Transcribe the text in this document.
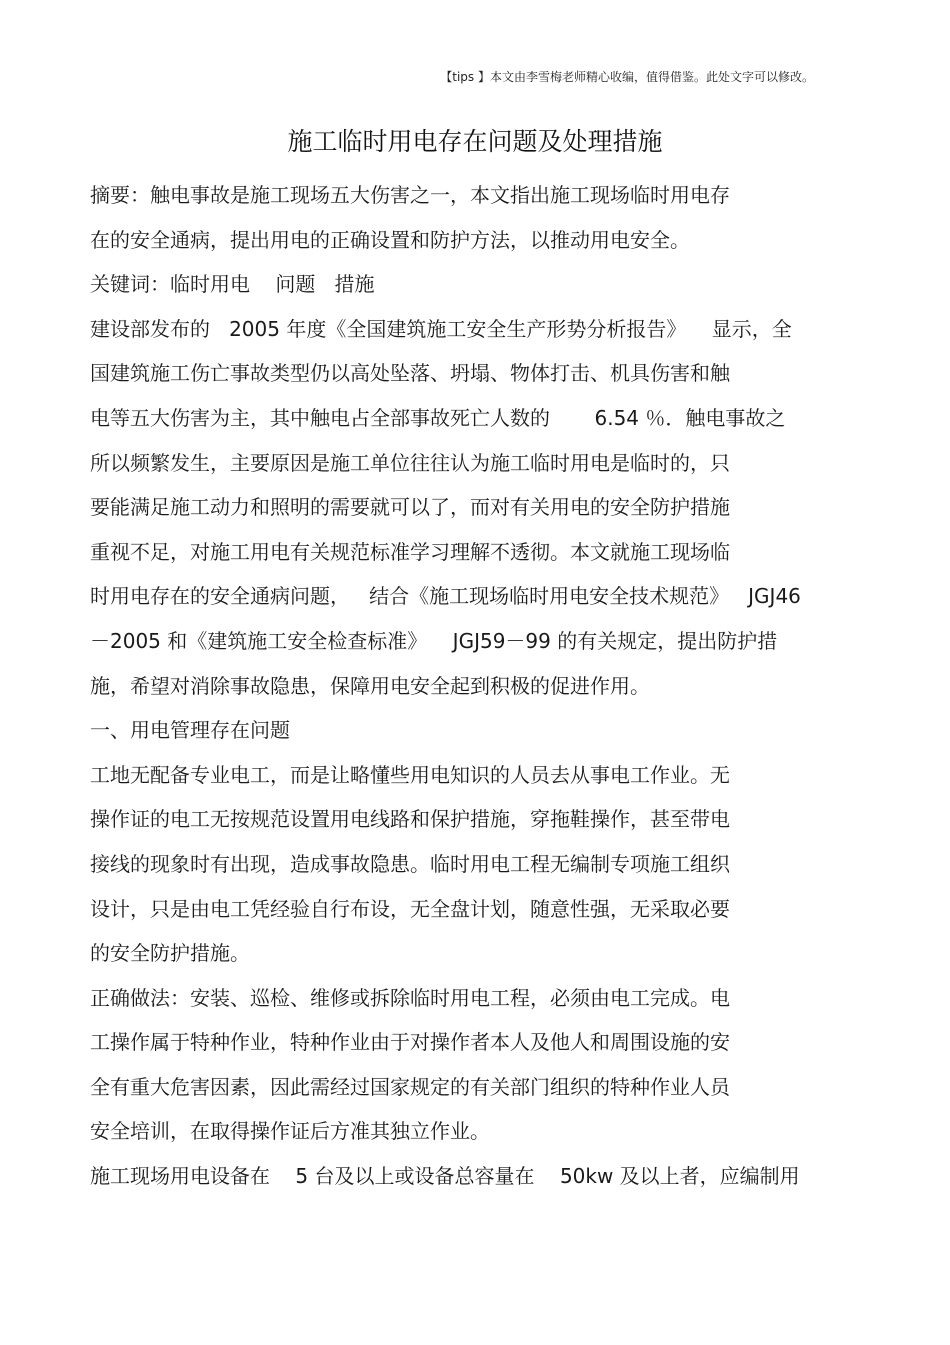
【tips 】本文由李雪梅老师精心收编，值得借鉴。此处文字可以修改。
施工临时用电存在问题及处理措施
摘要：触电事故是施工现场五大伤害之一，本文指出施工现场临时用电存
在的安全通病，提出用电的正确设置和防护方法，以推动用电安全。
关键词：临时用电    问题   措施
建设部发布的   2005 年度《全国建筑施工安全生产形势分析报告》    显示，全
国建筑施工伤亡事故类型仍以高处坠落、坍塌、物体打击、机具伤害和触
电等五大伤害为主，其中触电占全部事故死亡人数的       6.54 ％．触电事故之
所以频繁发生，主要原因是施工单位往往认为施工临时用电是临时的，只
要能满足施工动力和照明的需要就可以了，而对有关用电的安全防护措施
重视不足，对施工用电有关规范标准学习理解不透彻。本文就施工现场临
时用电存在的安全通病问题，   结合《施工现场临时用电安全技术规范》   JGJ46
－2005 和《建筑施工安全检查标准》    JGJ59－99 的有关规定，提出防护措
施，希望对消除事故隐患，保障用电安全起到积极的促进作用。
一、用电管理存在问题
工地无配备专业电工，而是让略懂些用电知识的人员去从事电工作业。无
操作证的电工无按规范设置用电线路和保护措施，穿拖鞋操作，甚至带电
接线的现象时有出现，造成事故隐患。临时用电工程无编制专项施工组织
设计，只是由电工凭经验自行布设，无全盘计划，随意性强，无采取必要
的安全防护措施。
正确做法：安装、巡检、维修或拆除临时用电工程，必须由电工完成。电
工操作属于特种作业，特种作业由于对操作者本人及他人和周围设施的安
全有重大危害因素，因此需经过国家规定的有关部门组织的特种作业人员
安全培训，在取得操作证后方准其独立作业。
施工现场用电设备在    5 台及以上或设备总容量在    50kw 及以上者，应编制用
